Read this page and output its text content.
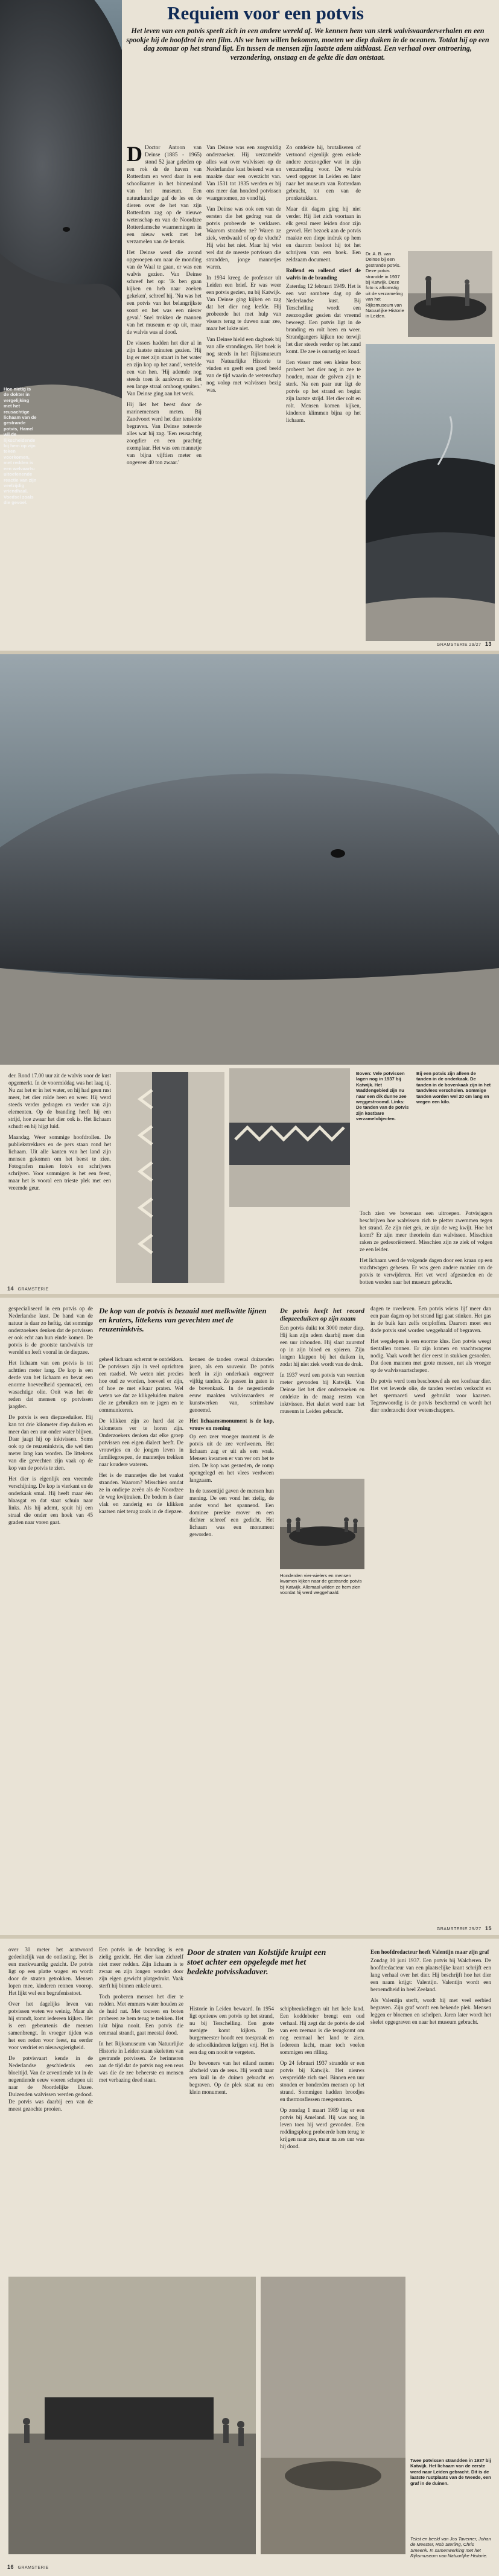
Requiem voor een potvis
Het leven van een potvis speelt zich in een andere wereld af. We kennen hem van sterk walvisvaarderverhalen en een spookje hij de hoofdrol in een film. Als we hem willen bekomen, moeten we diep duiken in de oceanen. Totdat hij op een dag zomaar op het strand ligt. En tussen de mensen zijn laatste adem uitblaast. Een verhaal over ontroering, verzondering, onstaag en de gekte die dan ontstaat.
Hoe nietig is de dokter in vergelijking met het reusachtige lichaam van de gestrande potvis, Hamel wil de lijkscheidende bij hem op zijn teken voorkomen, met redden is een welvaarts-uitoefenende reactie van zijn veelzijdig vriendhaal. Voedsel zoals die gevoel.

D Doctor Antoon van Deinse (1885 - 1965) stond 52 jaar geleden op een rok de de haven van Rotterdam en werd daar in een schoolkamer in het binnenland van het museum. Een natuurkundige gaf de les en de dieren over de het van zijn Rotterdam zag op de nieuwe wetenschap en van de Noordzee Rotterdamsche waarnemingen in een nieuw werk met het verzamelen van de kennis.

Het Deinse werd die avond opgeroepen om naar de monding van de Waal te gaan, er was een walvis gezien. Van Deinse schreef het op: 'Ik ben gaan kijken en heb naar zoeken gekeken', schreef hij. 'Nu was het een potvis van het belangrijkste soort en het was een nieuw geval.' Snel trokken de mannen van het museum er op uit, maar de walvis was al dood.

De vissers hadden het dier al in zijn laatste minuten gezien. 'Hij lag er met zijn staart in het water en zijn kop op het zand', vertelde een van hen. 'Hij ademde nog steeds toen ik aankwam en liet een lange straal omhoog spuiten.' Van Deinse ging aan het werk.

Hij liet het beest door de marinemensen meten. Bij Zandvoort werd het dier tenslotte begraven. Van Deinse noteerde alles wat hij zag. 'Een reusachtig zoogdier en een prachtig exemplaar. Het was een mannetje van bijna vijftien meter en ongeveer 40 ton zwaar.'

Van Deinse was een zorgvuldig onderzoeker. Hij verzamelde alles wat over walvissen op de Nederlandse kust bekend was en maakte daar een overzicht van. Van 1531 tot 1935 werden er bij ons meer dan honderd potvissen waargenomen, zo vond hij.

Van Deinse was ook een van de eersten die het gedrag van de potvis probeerde te verklaren. Waarom stranden ze? Waren ze ziek, verdwaald of op de vlucht? Hij wist het niet. Maar hij wist wel dat de meeste potvissen die strandden, jonge mannetjes waren.

In 1934 kreeg de professor uit Leiden een brief. Er was weer een potvis gezien, nu bij Katwijk. Van Deinse ging kijken en zag dat het dier nog leefde. Hij probeerde het met hulp van vissers terug te duwen naar zee, maar het lukte niet.

Van Deinse hield een dagboek bij van alle strandingen. Het boek is nog steeds in het Rijksmuseum van Natuurlijke Historie te vinden en geeft een goed beeld van de tijd waarin de wetenschap nog volop met walvissen bezig was.

Zo ontdekte hij, brutaliseren of vertoond eigenlijk geen enkele andere zeezoogdier wat in zijn verzameling voor. De walvis werd opgezet in Leiden en later naar het museum van Rotterdam gebracht, tot een van de pronkstukken.

Maar dit dagen ging hij niet verder. Hij liet zich voortaan in elk geval meer leiden door zijn gevoel. Het bezoek aan de potvis maakte een diepe indruk op hem en daarom besloot hij tot het schrijven van een boek. Een zeldzaam document.

Rollend en rollend stierf de walvis in de branding

Zaterdag 12 februari 1949. Het is een wat sombere dag op de Nederlandse kust. Bij Terschelling wordt een zeezoogdier gezien dat vreemd beweegt. Een potvis ligt in de branding en rolt heen en weer. Strandgangers kijken toe terwijl het dier steeds verder op het zand komt. De zee is onrustig en koud.

Een visser met een kleine boot probeert het dier nog in zee te houden, maar de golven zijn te sterk. Na een paar uur ligt de potvis op het strand en begint zijn laatste strijd. Het dier rolt en rolt. Mensen komen kijken, kinderen klimmen bijna op het lichaam.

Dr. A. B. van Deinse bij een gestrande potvis. Deze potvis strandde in 1937 bij Katwijk. Deze foto is afkomstig uit de verzameling van het Rijksmuseum van Natuurlijke Historie in Leiden.
GRAMSTERIE 29/27 13
Boven: Vele potvissen lagen nog in 1937 bij Katwijk. Het Waddengebied zijn nu naar een dik dunne zee weggestroomd. Links: De tanden van de potvis zijn kostbare verzamelobjecten.
Bij een potvis zijn alleen de tanden in de onderkaak. De tanden in de bovenkaak zijn in het tandvlees verscholen. Sommige tanden worden wel 20 cm lang en wegen een kilo.

der. Rond 17.00 uur zit de walvis voor de kust opgemerkt. In de voormiddag was het laag tij. Nu zat het er in het water, en hij had geen rust meer, het dier rolde heen en weer. Hij werd steeds verder gedragen en verder van zijn elementen. Op de branding heeft hij een strijd, hoe zwaar het dier ook is. Het lichaam schudt en hij hijgt luid.

Maandag. Weer sommige hoofdrollen. De publiekstrekkers en de pers staan rond het lichaam. Uit alle kanten van het land zijn mensen gekomen om het beest te zien. Fotografen maken foto's en schrijvers schrijven. Voor sommigen is het een feest, maar het is vooral een trieste plek met een vreemde geur.

Toch zien we bovenaan een uitroepen. Potvisjagers beschrijven hoe walvissen zich te pletter zwemmen tegen het strand. Ze zijn niet gek, ze zijn de weg kwijt. Hoe het komt? Er zijn meer theorieën dan walvissen. Misschien raken ze gedesoriënteerd. Misschien zijn ze ziek of volgen ze een leider.

Het lichaam werd de volgende dagen door een kraan op een vrachtwagen gehesen. Er was geen andere manier om de potvis te verwijderen. Het vet werd afgesneden en de botten werden naar het museum gebracht.

14 GRAMSTERIE

gespecialiseerd in een potvis op de Nederlandse kust. De hand van de natuur is daar zo heftig, dat sommige onderzoekers denken dat de potvissen er ook echt aan hun einde komen. De potvis is de grootste tandwalvis ter wereld en leeft vooral in de diepzee.

Het lichaam van een potvis is tot achttien meter lang. De kop is een derde van het lichaam en bevat een enorme hoeveelheid spermaceti, een wasachtige olie. Ooit was het de reden dat mensen op potvissen jaagden.

De potvis is een diepzeeduiker. Hij kan tot drie kilometer diep duiken en meer dan een uur onder water blijven. Daar jaagt hij op inktvissen. Soms ook op de reuzeninktvis, die wel tien meter lang kan worden. De littekens van die gevechten zijn vaak op de kop van de potvis te zien.

Het dier is eigenlijk een vreemde verschijning. De kop is vierkant en de onderkaak smal. Hij heeft maar één blaasgat en dat staat schuin naar links. Als hij ademt, spuit hij een straal die onder een hoek van 45 graden naar voren gaat.

De kop van de potvis is bezaaid met melkwitte lijnen en kraters, littekens van gevechten met de reuzeninktvis.

geheel lichaam schermt te ontdekken. De potvissen zijn in veel opzichten een raadsel. We weten niet precies hoe oud ze worden, hoeveel er zijn, of hoe ze met elkaar praten. Wel weten we dat ze klikgeluiden maken die ze gebruiken om te jagen en te communiceren.

De klikken zijn zo hard dat ze kilometers ver te horen zijn. Onderzoekers denken dat elke groep potvissen een eigen dialect heeft. De vrouwtjes en de jongen leven in familiegroepen, de mannetjes trekken naar koudere wateren.

Het is de mannetjes die het vaakst stranden. Waarom? Misschien omdat ze in ondiepe zeeën als de Noordzee de weg kwijtraken. De bodem is daar vlak en zanderig en de klikken kaatsen niet terug zoals in de diepzee.

kennen de tanden overal duizenden jaren, als een souvenir. De potvis heeft in zijn onderkaak ongeveer vijftig tanden. Ze passen in gaten in de bovenkaak. In de negentiende eeuw maakten walvisvaarders er kunstwerken van, scrimshaw genoemd.

Het lichaamsmonument is de kop, vrouw en mening

Op een zeer vroeger moment is de potvis uit de zee verdwenen. Het lichaam zag er uit als een wrak. Mensen kwamen er van ver om het te zien. De kop was gesneden, de romp opengelegd en het vlees verdween langzaam.

In de tussentijd gaven de mensen hun mening. De een vond het zielig, de ander vond het spannend. Een dominee preekte erover en een dichter schreef een gedicht. Het lichaam was een monument geworden.

De potvis heeft het record diepzeeduiken op zijn naam

Een potvis duikt tot 3000 meter diep. Hij kan zijn adem daarbij meer dan een uur inhouden. Hij slaat zuurstof op in zijn bloed en spieren. Zijn longen klappen bij het duiken in, zodat hij niet ziek wordt van de druk.

In 1937 werd een potvis van veertien meter gevonden bij Katwijk. Van Deinse liet het dier onderzoeken en ontdekte in de maag resten van inktvissen. Het skelet werd naar het museum in Leiden gebracht.

Honderden vier-wielers en mensen kwamen kijken naar de gestrande potvis bij Katwijk. Allemaal wilden ze hem zien voordat hij werd weggehaald.

dagen te overleven. Een potvis wiens lijf meer dan een paar dagen op het strand ligt gaat stinken. Het gas in de buik kan zelfs ontploffen. Daarom moet een dode potvis snel worden weggehaald of begraven.

Het wegslepen is een enorme klus. Een potvis weegt tientallen tonnen. Er zijn kranen en vrachtwagens nodig. Vaak wordt het dier eerst in stukken gesneden. Dat doen mannen met grote messen, net als vroeger op de walvisvaartschepen.

De potvis werd toen beschouwd als een kostbaar dier. Het vet leverde olie, de tanden werden verkocht en het spermaceti werd gebruikt voor kaarsen. Tegenwoordig is de potvis beschermd en wordt het dier onderzocht door wetenschappers.

GRAMSTERIE 29/27 15
Door de straten van Kolstijde kruipt een stoet achter een opgelegde met het bedekte potvisskadaver.

over 30 meter het aantwoord gedeeltelijk van de ontlasting. Het is een merkwaardig gezicht. De potvis ligt op een platte wagen en wordt door de straten getrokken. Mensen lopen mee, kinderen rennen voorop. Het lijkt wel een begrafenisstoet.

Over het dagelijks leven van potvissen weten we weinig. Maar als hij strandt, komt iedereen kijken. Het is een gebeurtenis die mensen samenbrengt. In vroeger tijden was het een reden voor feest, nu eerder voor verdriet en nieuwsgierigheid.

De potvisvaart kende in de Nederlandse geschiedenis een bloeitijd. Van de zeventiende tot in de negentiende eeuw voeren schepen uit naar de Noordelijke IJszee. Duizenden walvissen werden gedood. De potvis was daarbij een van de meest gezochte prooien.

Een potvis in de branding is een zielig gezicht. Het dier kan zichzelf niet meer redden. Zijn lichaam is te zwaar en zijn longen worden door zijn eigen gewicht platgedrukt. Vaak sterft hij binnen enkele uren.

Toch proberen mensen het dier te redden. Met emmers water houden ze de huid nat. Met touwen en boten proberen ze hem terug te trekken. Het lukt bijna nooit. Een potvis die eenmaal strandt, gaat meestal dood.

In het Rijksmuseum van Natuurlijke Historie in Leiden staan skeletten van gestrande potvissen. Ze herinneren aan de tijd dat de potvis nog een reus was die de zee beheerste en mensen met verbazing deed staan.

Historie in Leiden bewaard. In 1954 ligt opnieuw een potvis op het strand, nu bij Terschelling. Een grote menigte komt kijken. De burgemeester houdt een toespraak en de schoolkinderen krijgen vrij. Het is een dag om nooit te vergeten.

De bewoners van het eiland nemen afscheid van de reus. Hij wordt naar een kuil in de duinen gebracht en begraven. Op de plek staat nu een klein monument.

schipbreukelingen uit het hele land. Een koddebeier brengt een oud verhaal. Hij zegt dat de potvis de ziel van een zeeman is die terugkomt om nog eenmaal het land te zien. Iedereen lacht, maar toch voelen sommigen een rilling.

Op 24 februari 1937 strandde er een potvis bij Katwijk. Het nieuws verspreidde zich snel. Binnen een uur stonden er honderden mensen op het strand. Sommigen hadden broodjes en thermosflessen meegenomen.

Op zondag 1 maart 1989 lag er een potvis bij Ameland. Hij was nog in leven toen hij werd gevonden. Een reddingsploeg probeerde hem terug te krijgen naar zee, maar na zes uur was hij dood.

Een hoofdredacteur heeft Valentijn maar zijn graf

Zondag 10 juni 1937. Een potvis bij Walcheren. De hoofdredacteur van een plaatselijke krant schrijft een lang verhaal over het dier. Hij beschrijft hoe het dier een naam krijgt: Valentijn. Valentijn wordt een beroemdheid in heel Zeeland.

Als Valentijn sterft, wordt hij met veel eerbied begraven. Zijn graf wordt een bekende plek. Mensen leggen er bloemen en schelpen. Jaren later wordt het skelet opgegraven en naar het museum gebracht.

Twee potvissen strandden in 1937 bij Katwijk. Het lichaam van de eerste werd naar Leiden gebracht. Dit is de laatste rustplaats van de tweede, een graf in de duinen.
Tekst en beeld van Jos Taverner, Johan de Meester, Rob Sterling, Chris Smeenk. In samenwerking met het Rijksmuseum van Natuurlijke Historie.
16 GRAMSTERIE
